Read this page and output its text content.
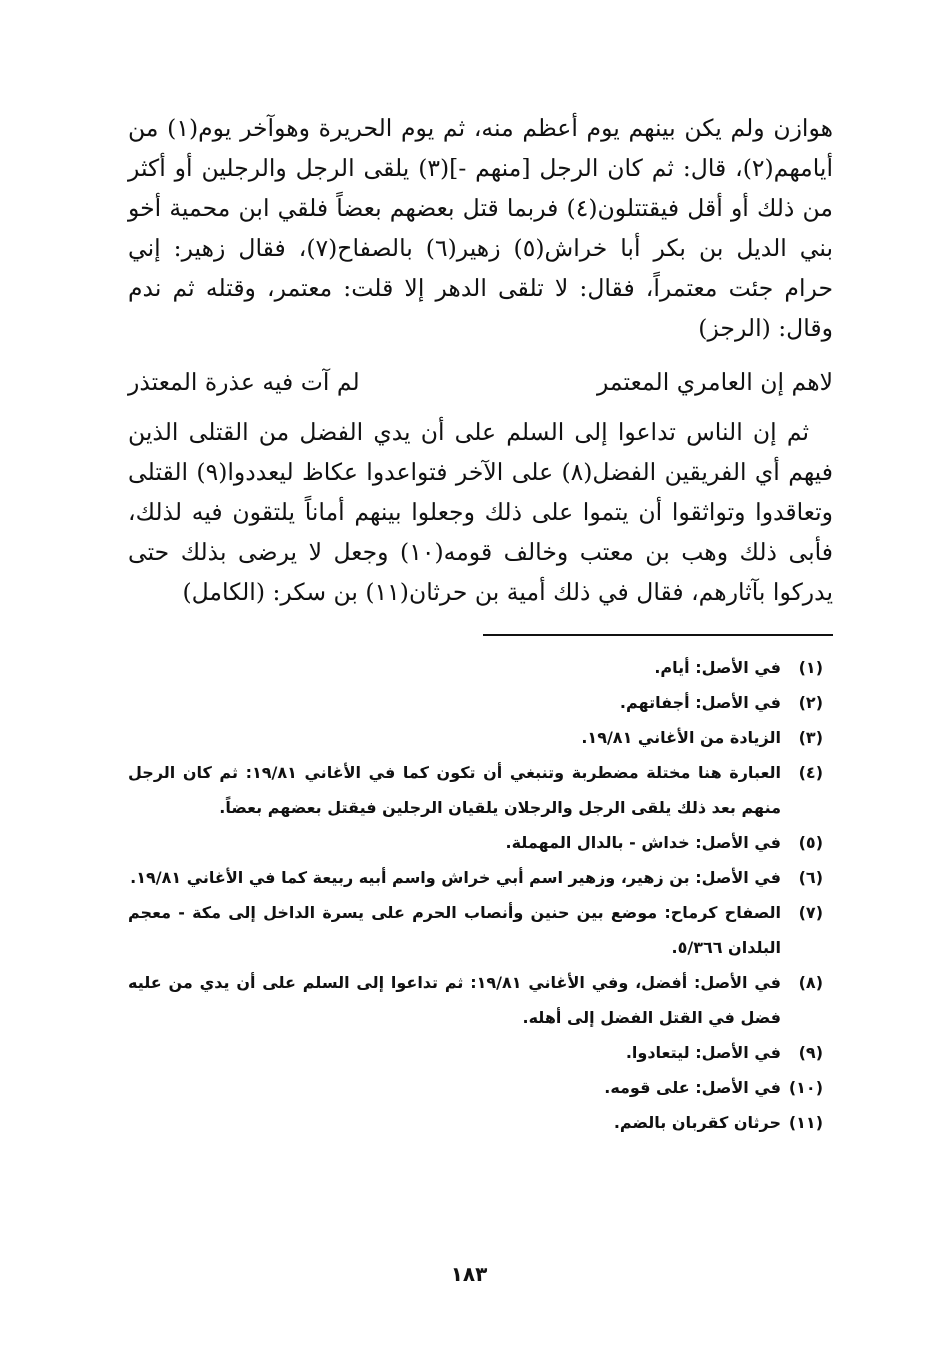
هوازن ولم يكن بينهم يوم أعظم منه، ثم يوم الحريرة وهوآخر يوم(١) من أيامهم(٢)، قال: ثم كان الرجل [منهم -](٣) يلقى الرجل والرجلين أو أكثر من ذلك أو أقل فيقتتلون(٤) فربما قتل بعضهم بعضاً فلقي ابن محمية أخو بني الديل بن بكر أبا خراش(٥) زهير(٦) بالصفاح(٧)، فقال زهير: إني حرام جئت معتمراً، فقال: لا تلقى الدهر إلا قلت: معتمر، وقتله ثم ندم وقال: (الرجز)

لاهم إن العامري المعتمر
لم آت فيه عذرة المعتذر

ثم إن الناس تداعوا إلى السلم على أن يدي الفضل من القتلى الذين فيهم أي الفريقين الفضل(٨) على الآخر فتواعدوا عكاظ ليعددوا(٩) القتلى وتعاقدوا وتواثقوا أن يتموا على ذلك وجعلوا بينهم أماناً يلتقون فيه لذلك، فأبى ذلك وهب بن معتب وخالف قومه(١٠) وجعل لا يرضى بذلك حتى يدركوا بآثارهم، فقال في ذلك أمية بن حرثان(١١) بن سكر: (الكامل)

(١)
في الأصل: أيام.
(٢)
في الأصل: أجفاتهم.
(٣)
الزيادة من الأغاني ١٩/٨١.
(٤)
العبارة هنا مختلة مضطربة وتنبغي أن تكون كما في الأغاني ١٩/٨١: ثم كان الرجل منهم بعد ذلك يلقى الرجل والرجلان يلقيان الرجلين فيقتل بعضهم بعضاً.
(٥)
في الأصل: خداش - بالدال المهملة.
(٦)
في الأصل: بن زهير، وزهير اسم أبي خراش واسم أبيه ربيعة كما في الأغاني ١٩/٨١.
(٧)
الصفاح كرماح: موضع بين حنين وأنصاب الحرم على يسرة الداخل إلى مكة - معجم البلدان ٥/٣٦٦.
(٨)
في الأصل: أفضل، وفي الأغاني ١٩/٨١: ثم تداعوا إلى السلم على أن يدي من عليه فضل في القتل الفضل إلى أهله.
(٩)
في الأصل: ليتعادوا.
(١٠)
في الأصل: على قومه.
(١١)
حرثان كقربان بالضم.
١٨٣
